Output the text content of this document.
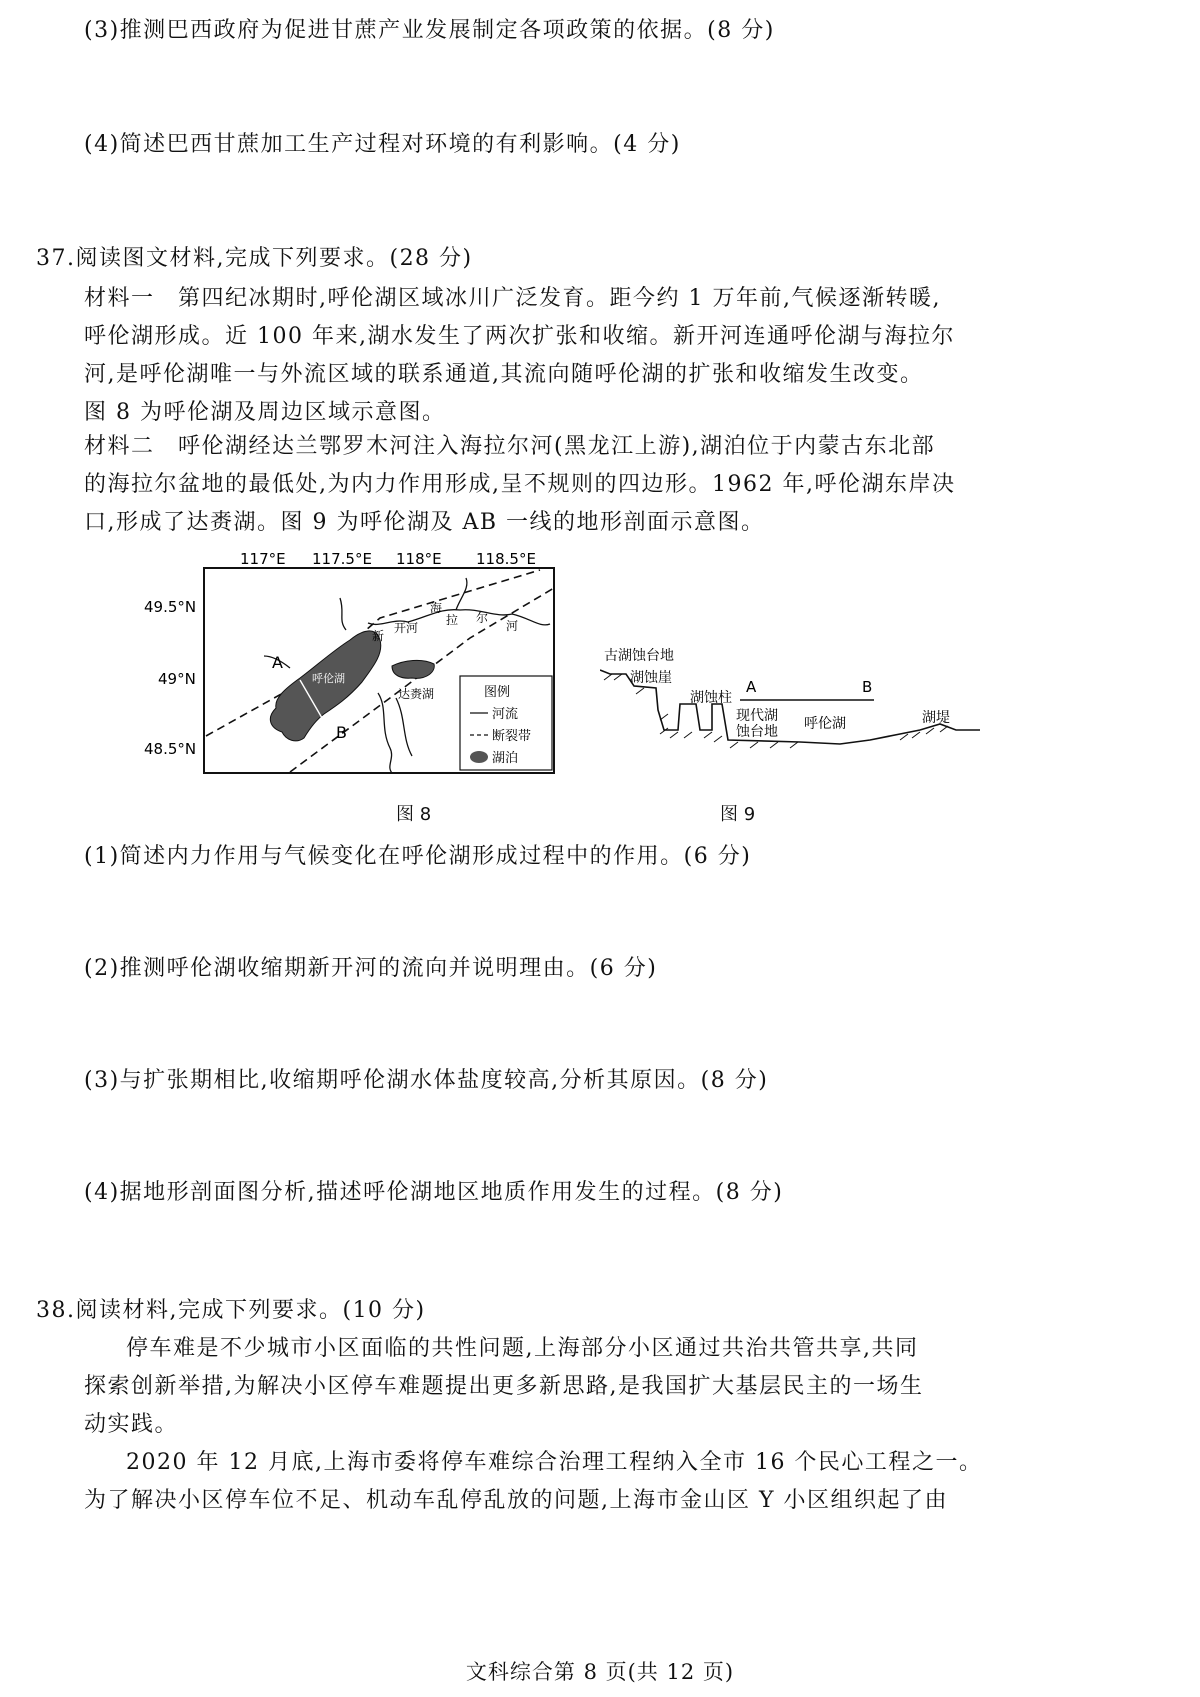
(3)推测巴西政府为促进甘蔗产业发展制定各项政策的依据。(8 分)
(4)简述巴西甘蔗加工生产过程对环境的有利影响。(4 分)
37.阅读图文材料,完成下列要求。(28 分)
材料一　第四纪冰期时,呼伦湖区域冰川广泛发育。距今约 1 万年前,气候逐渐转暖,
呼伦湖形成。近 100 年来,湖水发生了两次扩张和收缩。新开河连通呼伦湖与海拉尔
河,是呼伦湖唯一与外流区域的联系通道,其流向随呼伦湖的扩张和收缩发生改变。
图 8 为呼伦湖及周边区域示意图。
材料二　呼伦湖经达兰鄂罗木河注入海拉尔河(黑龙江上游),湖泊位于内蒙古东北部
的海拉尔盆地的最低处,为内力作用形成,呈不规则的四边形。1962 年,呼伦湖东岸决
口,形成了达赉湖。图 9 为呼伦湖及 AB 一线的地形剖面示意图。
117°E 117.5°E 118°E 118.5°E
49.5°N
49°N
48.5°N
A
B
呼伦湖
达赉湖
新
开河
海
拉 尔
河
图例
河流
断裂带
湖泊
图 8
古湖蚀台地
湖蚀崖
湖蚀柱
现代湖
蚀台地 呼伦湖	湖堤
A	B
图 9
(1)简述内力作用与气候变化在呼伦湖形成过程中的作用。(6 分)
(2)推测呼伦湖收缩期新开河的流向并说明理由。(6 分)
(3)与扩张期相比,收缩期呼伦湖水体盐度较高,分析其原因。(8 分)
(4)据地形剖面图分析,描述呼伦湖地区地质作用发生的过程。(8 分)
38.阅读材料,完成下列要求。(10 分)
停车难是不少城市小区面临的共性问题,上海部分小区通过共治共管共享,共同
探索创新举措,为解决小区停车难题提出更多新思路,是我国扩大基层民主的一场生
动实践。
2020 年 12 月底,上海市委将停车难综合治理工程纳入全市 16 个民心工程之一。
为了解决小区停车位不足、机动车乱停乱放的问题,上海市金山区 Y 小区组织起了由
文科综合第 8 页(共 12 页)
